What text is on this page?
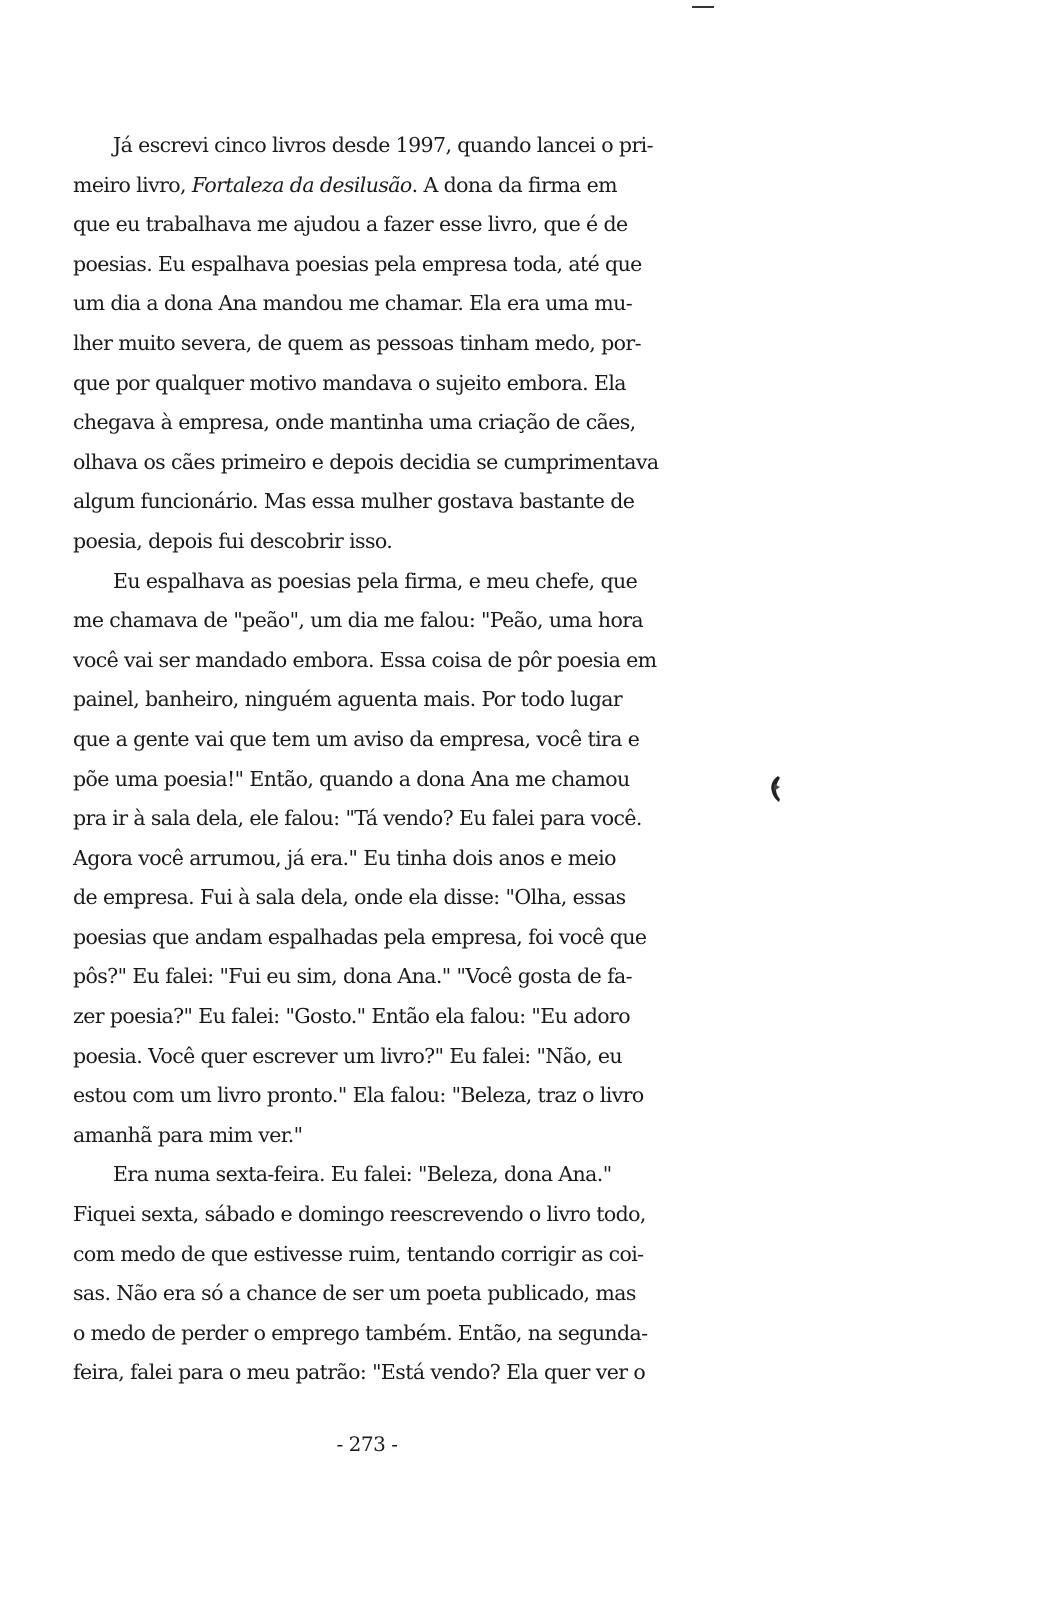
Já escrevi cinco livros desde 1997, quando lancei o pri-
meiro livro, Fortaleza da desilusão. A dona da firma em
que eu trabalhava me ajudou a fazer esse livro, que é de
poesias. Eu espalhava poesias pela empresa toda, até que
um dia a dona Ana mandou me chamar. Ela era uma mu-
lher muito severa, de quem as pessoas tinham medo, por-
que por qualquer motivo mandava o sujeito embora. Ela
chegava à empresa, onde mantinha uma criação de cães,
olhava os cães primeiro e depois decidia se cumprimentava
algum funcionário. Mas essa mulher gostava bastante de
poesia, depois fui descobrir isso.

Eu espalhava as poesias pela firma, e meu chefe, que
me chamava de "peão", um dia me falou: "Peão, uma hora
você vai ser mandado embora. Essa coisa de pôr poesia em
painel, banheiro, ninguém aguenta mais. Por todo lugar
que a gente vai que tem um aviso da empresa, você tira e
põe uma poesia!" Então, quando a dona Ana me chamou
pra ir à sala dela, ele falou: "Tá vendo? Eu falei para você.
Agora você arrumou, já era." Eu tinha dois anos e meio
de empresa. Fui à sala dela, onde ela disse: "Olha, essas
poesias que andam espalhadas pela empresa, foi você que
pôs?" Eu falei: "Fui eu sim, dona Ana." "Você gosta de fa-
zer poesia?" Eu falei: "Gosto." Então ela falou: "Eu adoro
poesia. Você quer escrever um livro?" Eu falei: "Não, eu
estou com um livro pronto." Ela falou: "Beleza, traz o livro
amanhã para mim ver."

Era numa sexta-feira. Eu falei: "Beleza, dona Ana."
Fiquei sexta, sábado e domingo reescrevendo o livro todo,
com medo de que estivesse ruim, tentando corrigir as coi-
sas. Não era só a chance de ser um poeta publicado, mas
o medo de perder o emprego também. Então, na segunda-
feira, falei para o meu patrão: "Está vendo? Ela quer ver o

- 273 -
